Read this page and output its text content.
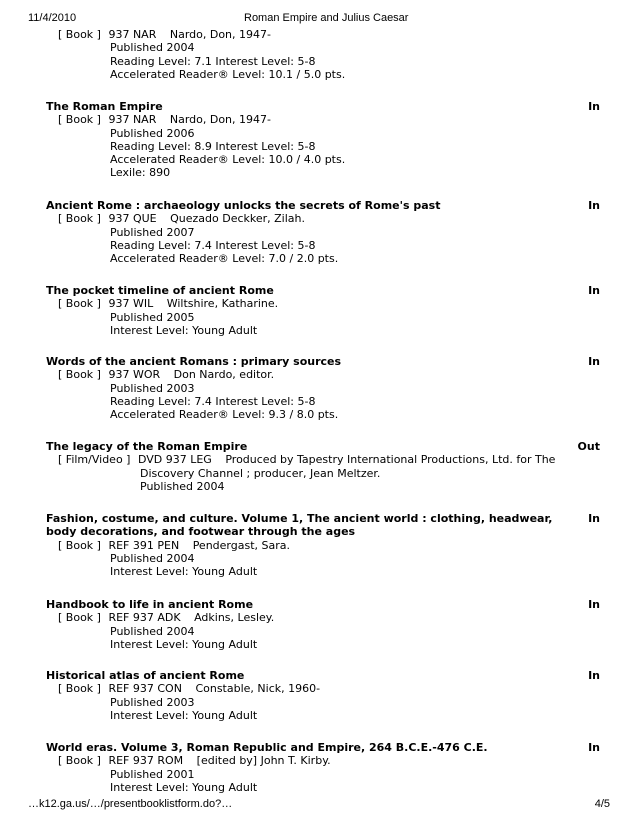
11/4/2010	Roman Empire and Julius Caesar
[ Book ] 937 NAR Nardo, Don, 1947-
Published 2004
Reading Level: 7.1 Interest Level: 5-8
Accelerated Reader® Level: 10.1 / 5.0 pts.
The Roman Empire	In
[ Book ] 937 NAR Nardo, Don, 1947-
Published 2006
Reading Level: 8.9 Interest Level: 5-8
Accelerated Reader® Level: 10.0 / 4.0 pts.
Lexile: 890
Ancient Rome : archaeology unlocks the secrets of Rome's past	In
[ Book ] 937 QUE Quezado Deckker, Zilah.
Published 2007
Reading Level: 7.4 Interest Level: 5-8
Accelerated Reader® Level: 7.0 / 2.0 pts.
The pocket timeline of ancient Rome	In
[ Book ] 937 WIL Wiltshire, Katharine.
Published 2005
Interest Level: Young Adult
Words of the ancient Romans : primary sources	In
[ Book ] 937 WOR Don Nardo, editor.
Published 2003
Reading Level: 7.4 Interest Level: 5-8
Accelerated Reader® Level: 9.3 / 8.0 pts.
The legacy of the Roman Empire	Out
[ Film/Video ] DVD 937 LEG Produced by Tapestry International Productions, Ltd. for The
Discovery Channel ; producer, Jean Meltzer.
Published 2004
Fashion, costume, and culture. Volume 1, The ancient world : clothing, headwear, body decorations, and footwear through the ages
In
[ Book ] REF 391 PEN Pendergast, Sara.
Published 2004
Interest Level: Young Adult
Handbook to life in ancient Rome	In
[ Book ] REF 937 ADK Adkins, Lesley.
Published 2004
Interest Level: Young Adult
Historical atlas of ancient Rome	In
[ Book ] REF 937 CON Constable, Nick, 1960-
Published 2003
Interest Level: Young Adult
World eras. Volume 3, Roman Republic and Empire, 264 B.C.E.-476 C.E.	In
[ Book ] REF 937 ROM [edited by] John T. Kirby.
Published 2001
Interest Level: Young Adult
…k12.ga.us/…/presentbooklistform.do?…	4/5
